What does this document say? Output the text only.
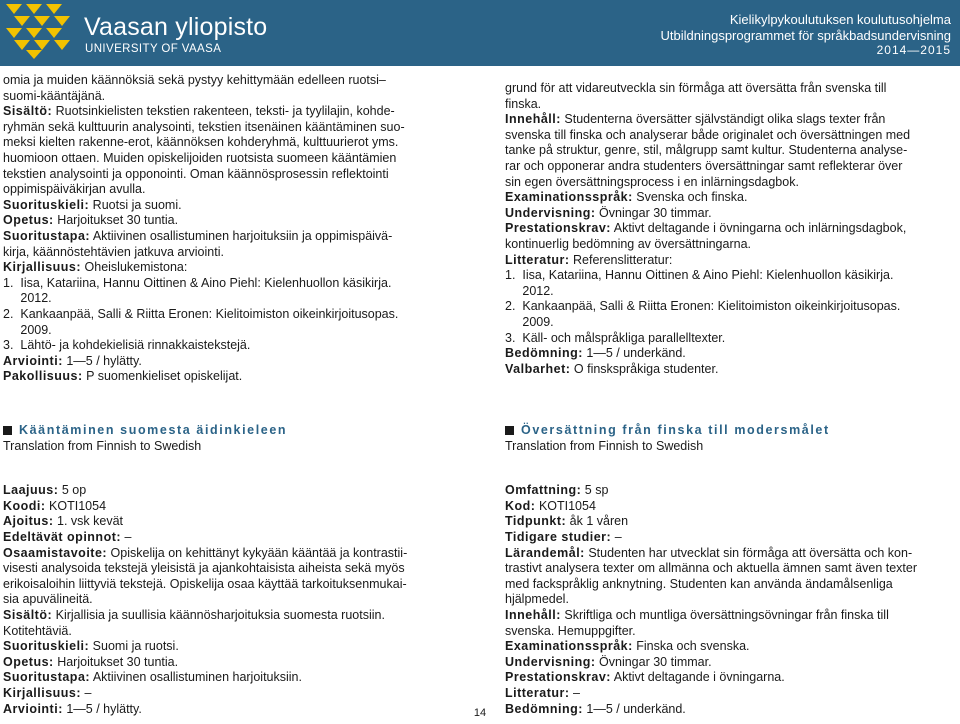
Vaasan yliopisto
UNIVERSITY OF VAASA
Kielikylpykoulutuksen koulutusohjelma
Utbildningsprogrammet för språkbadsundervisning
2014—2015

omia ja muiden käännöksiä sekä pystyy kehittymään edelleen ruotsi–

suomi-kääntäjänä.

Sisältö: Ruotsinkielisten tekstien rakenteen, teksti- ja tyylilajin, kohde-

ryhmän sekä kulttuurin analysointi, tekstien itsenäinen kääntäminen suo-

meksi kielten rakenne-erot, käännöksen kohderyhmä, kulttuurierot yms.

huomioon ottaen. Muiden opiskelijoiden ruotsista suomeen kääntämien

tekstien analysointi ja opponointi. Oman käännösprosessin reflektointi

oppimispäiväkirjan avulla.

Suorituskieli: Ruotsi ja suomi.

Opetus: Harjoitukset 30 tuntia.

Suoritustapa: Aktiivinen osallistuminen harjoituksiin ja oppimispäivä-

kirja, käännöstehtävien jatkuva arviointi.

Kirjallisuus: Oheislukemistona:

1.  Iisa, Katariina, Hannu Oittinen & Aino Piehl: Kielenhuollon käsikirja.

2012.

2.  Kankaanpää, Salli & Riitta Eronen: Kielitoimiston oikeinkirjoitusopas.

2009.

3.  Lähtö- ja kohdekielisiä rinnakkaistekstejä.

Arviointi: 1—5 / hylätty.

Pakollisuus: P suomenkieliset opiskelijat.

grund för att vidareutveckla sin förmåga att översätta från svenska till

finska.

Innehåll: Studenterna översätter självständigt olika slags texter från

svenska till finska och analyserar både originalet och översättningen med

tanke på struktur, genre, stil, målgrupp samt kultur. Studenterna analyse-

rar och opponerar andra studenters översättningar samt reflekterar över

sin egen översättningsprocess i en inlärningsdagbok.

Examinationsspråk: Svenska och finska.

Undervisning: Övningar 30 timmar.

Prestationskrav: Aktivt deltagande i övningarna och inlärningsdagbok,

kontinuerlig bedömning av översättningarna.

Litteratur: Referenslitteratur:

1.  Iisa, Katariina, Hannu Oittinen & Aino Piehl: Kielenhuollon käsikirja.

2012.

2.  Kankaanpää, Salli & Riitta Eronen: Kielitoimiston oikeinkirjoitusopas.

2009.

3.  Käll- och målspråkliga parallelltexter.

Bedömning: 1—5 / underkänd.

Valbarhet: O finskspråkiga studenter.

Kääntäminen suomesta äidinkieleen

Translation from Finnish to Swedish

Laajuus: 5 op

Koodi: KOTI1054

Ajoitus: 1. vsk kevät

Edeltävät opinnot: –

Osaamistavoite: Opiskelija on kehittänyt kykyään kääntää ja kontrastii-

visesti analysoida tekstejä yleisistä ja ajankohtaisista aiheista sekä myös

erikoisaloihin liittyviä tekstejä. Opiskelija osaa käyttää tarkoituksenmukai-

sia apuvälineitä.

Sisältö: Kirjallisia ja suullisia käännösharjoituksia suomesta ruotsiin.

Kotitehtäviä.

Suorituskieli: Suomi ja ruotsi.

Opetus: Harjoitukset 30 tuntia.

Suoritustapa: Aktiivinen osallistuminen harjoituksiin.

Kirjallisuus: –

Arviointi: 1—5 / hylätty.

Översättning från finska till modersmålet

Translation from Finnish to Swedish

Omfattning: 5 sp

Kod: KOTI1054

Tidpunkt: åk 1 våren

Tidigare studier: –

Lärandemål: Studenten har utvecklat sin förmåga att översätta och kon-

trastivt analysera texter om allmänna och aktuella ämnen samt även texter

med fackspråklig anknytning. Studenten kan använda ändamålsenliga

hjälpmedel.

Innehåll: Skriftliga och muntliga översättningsövningar från finska till

svenska. Hemuppgifter.

Examinationsspråk: Finska och svenska.

Undervisning: Övningar 30 timmar.

Prestationskrav: Aktivt deltagande i övningarna.

Litteratur: –

Bedömning: 1—5 / underkänd.

14
